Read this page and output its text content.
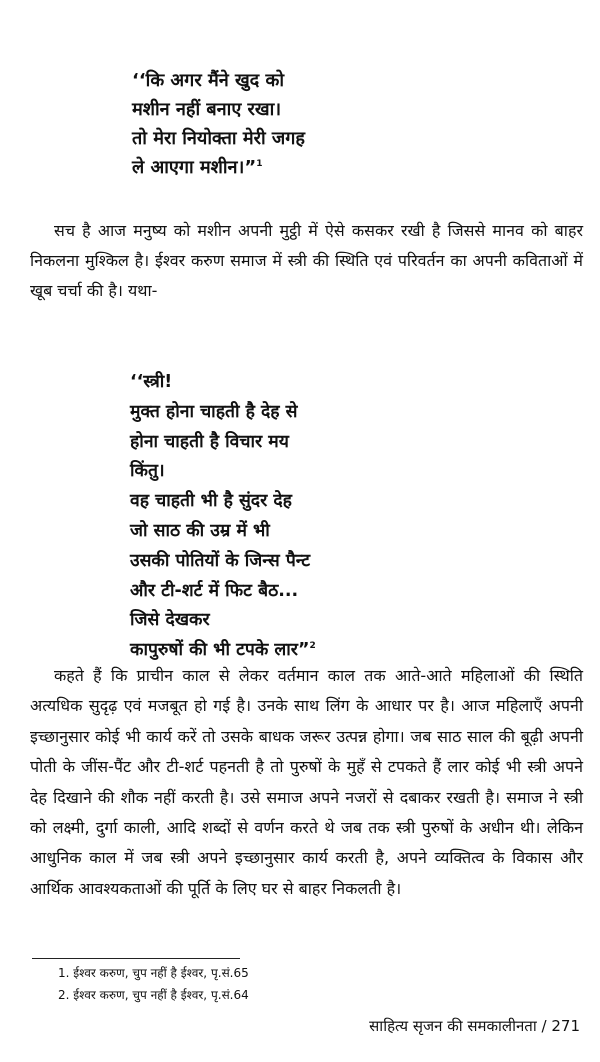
‘‘कि अगर मैंने खुद को
मशीन नहीं बनाए रखा।
तो मेरा नियोक्ता मेरी जगह
ले आएगा मशीन।”$^1$

सच है आज मनुष्य को मशीन अपनी मुट्ठी में ऐसे कसकर रखी है जिससे मानव को बाहर निकलना मुश्किल है। ईश्वर करुण समाज में स्त्री की स्थिति एवं परिवर्तन का अपनी कविताओं में खूब चर्चा की है। यथा-

‘‘स्त्री!
मुक्त होना चाहती है देह से
होना चाहती है विचार मय
किंतु।
वह चाहती भी है सुंदर देह
जो साठ की उम्र में भी
उसकी पोतियों के जिन्स पैन्ट
और टी-शर्ट में फिट बैठ...
जिसे देखकर
कापुरुषों की भी टपके लार”$^2$

कहते हैं कि प्राचीन काल से लेकर वर्तमान काल तक आते-आते महिलाओं की स्थिति अत्यधिक सुदृढ़ एवं मजबूत हो गई है। उनके साथ लिंग के आधार पर है। आज महिलाएँ अपनी इच्छानुसार कोई भी कार्य करें तो उसके बाधक जरूर उत्पन्न होगा। जब साठ साल की बूढ़ी अपनी पोती के जींस-पैंट और टी-शर्ट पहनती है तो पुरुषों के मुहँ से टपकते हैं लार कोई भी स्त्री अपने देह दिखाने की शौक नहीं करती है। उसे समाज अपने नजरों से दबाकर रखती है। समाज ने स्त्री को लक्ष्मी, दुर्गा काली, आदि शब्दों से वर्णन करते थे जब तक स्त्री पुरुषों के अधीन थी। लेकिन आधुनिक काल में जब स्त्री अपने इच्छानुसार कार्य करती है, अपने व्यक्तित्व के विकास और आर्थिक आवश्यकताओं की पूर्ति के लिए घर से बाहर निकलती है।

1. ईश्वर करुण, चुप नहीं है ईश्वर, पृ.सं.65
2. ईश्वर करुण, चुप नहीं है ईश्वर, पृ.सं.64
साहित्य सृजन की समकालीनता / 271
